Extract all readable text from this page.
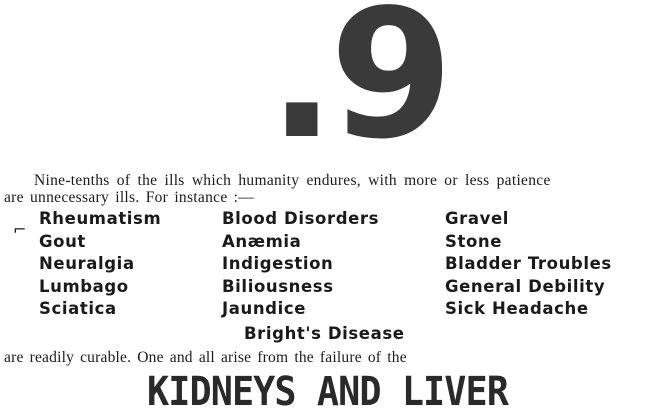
.9
Nine-tenths of the ills which humanity endures, with more or less patience
are unnecessary ills. For instance :—
⌐
Rheumatism
Gout
Neuralgia
Lumbago
Sciatica
Blood Disorders
Anæmia
Indigestion
Biliousness
Jaundice
Gravel
Stone
Bladder Troubles
General Debility
Sick Headache
Bright's Disease
are readily curable. One and all arise from the failure of the
KIDNEYS AND LIVER
